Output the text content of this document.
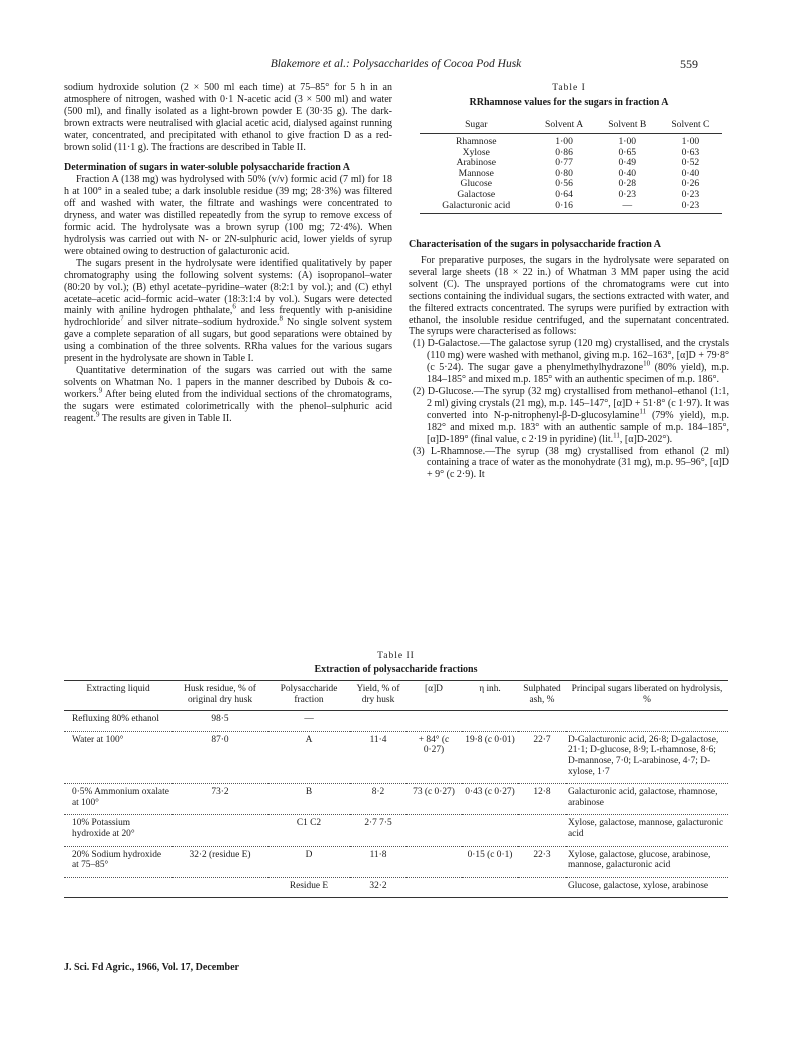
Blakemore et al.: Polysaccharides of Cocoa Pod Husk	559

sodium hydroxide solution (2 × 500 ml each time) at 75–85° for 5 h in an atmosphere of nitrogen, washed with 0·1 N-acetic acid (3 × 500 ml) and water (500 ml), and finally isolated as a light-brown powder E (30·35 g). The dark-brown extracts were neutralised with glacial acetic acid, dialysed against running water, concentrated, and precipitated with ethanol to give fraction D as a red-brown solid (11·1 g). The fractions are described in Table II.

Determination of sugars in water-soluble polysaccharide fraction A

Fraction A (138 mg) was hydrolysed with 50% (v/v) formic acid (7 ml) for 18 h at 100° in a sealed tube; a dark insoluble residue (39 mg; 28·3%) was filtered off and washed with water, the filtrate and washings were concentrated to dryness, and water was distilled repeatedly from the syrup to remove excess of formic acid. The hydrolysate was a brown syrup (100 mg; 72·4%). When hydrolysis was carried out with N- or 2N-sulphuric acid, lower yields of syrup were obtained owing to destruction of galacturonic acid.

The sugars present in the hydrolysate were identified qualitatively by paper chromatography using the following solvent systems: (A) isopropanol–water (80:20 by vol.); (B) ethyl acetate–pyridine–water (8:2:1 by vol.); and (C) ethyl acetate–acetic acid–formic acid–water (18:3:1:4 by vol.). Sugars were detected mainly with aniline hydrogen phthalate,$^6$ and less frequently with p-anisidine hydrochloride$^7$ and silver nitrate–sodium hydroxide.$^8$ No single solvent system gave a complete separation of all sugars, but good separations were obtained by using a combination of the three solvents. RRha values for the various sugars present in the hydrolysate are shown in Table I.

Quantitative determination of the sugars was carried out with the same solvents on Whatman No. 1 papers in the manner described by Dubois & co-workers.$^9$ After being eluted from the individual sections of the chromatograms, the sugars were estimated colorimetrically with the phenol–sulphuric acid reagent.$^9$ The results are given in Table II.

Table I
RRhamnose values for the sugars in fraction A
Sugar	Solvent A	Solvent B	Solvent C
Rhamnose	1·00	1·00	1·00
Xylose	0·86	0·65	0·63
Arabinose	0·77	0·49	0·52
Mannose	0·80	0·40	0·40
Glucose	0·56	0·28	0·26
Galactose	0·64	0·23	0·23
Galacturonic acid	0·16	—	0·23
Characterisation of the sugars in polysaccharide fraction A

For preparative purposes, the sugars in the hydrolysate were separated on several large sheets (18 × 22 in.) of Whatman 3 MM paper using the acid solvent (C). The unsprayed portions of the chromatograms were cut into sections containing the individual sugars, the sections extracted with water, and the filtered extracts concentrated. The syrups were purified by extraction with ethanol, the insoluble residue centrifuged, and the supernatant concentrated. The syrups were characterised as follows:

(1) D-Galactose.—The galactose syrup (120 mg) crystallised, and the crystals (110 mg) were washed with methanol, giving m.p. 162–163°, [α]D + 79·8° (c 5·24). The sugar gave a phenylmethylhydrazone$^{10}$ (80% yield), m.p. 184–185° and mixed m.p. 185° with an authentic specimen of m.p. 186°.

(2) D-Glucose.—The syrup (32 mg) crystallised from methanol–ethanol (1:1, 2 ml) giving crystals (21 mg), m.p. 145–147°, [α]D + 51·8° (c 1·97). It was converted into N-p-nitrophenyl-β-D-glucosylamine$^{11}$ (79% yield), m.p. 182° and mixed m.p. 183° with an authentic sample of m.p. 184–185°, [α]D-189° (final value, c 2·19 in pyridine) (lit.$^{11}$, [α]D-202°).

(3) L-Rhamnose.—The syrup (38 mg) crystallised from ethanol (2 ml) containing a trace of water as the monohydrate (31 mg), m.p. 95–96°, [α]D + 9° (c 2·9). It

Table II
Extraction of polysaccharide fractions
Extracting liquid	Husk residue, % of original dry husk	Polysaccharide fraction	Yield, % of dry husk	[α]D	η inh.	Sulphated ash, %	Principal sugars liberated on hydrolysis, %
Refluxing 80% ethanol	98·5	—					
Water at 100°	87·0	A	11·4	+ 84° (c 0·27)	19·8 (c 0·01)	22·7	D-Galacturonic acid, 26·8; D-galactose, 21·1; D-glucose, 8·9; L-rhamnose, 8·6; D-mannose, 7·0; L-arabinose, 4·7; D-xylose, 1·7
0·5% Ammonium oxalate at 100°	73·2	B	8·2	73 (c 0·27)	0·43 (c 0·27)	12·8	Galacturonic acid, galactose, rhamnose, arabinose
10% Potassium hydroxide at 20°		C1 C2	2·7 7·5				Xylose, galactose, mannose, galacturonic acid
20% Sodium hydroxide at 75–85°	32·2 (residue E)	D	11·8		0·15 (c 0·1)	22·3	Xylose, galactose, glucose, arabinose, mannose, galacturonic acid
		Residue E	32·2				Glucose, galactose, xylose, arabinose
J. Sci. Fd Agric., 1966, Vol. 17, December
